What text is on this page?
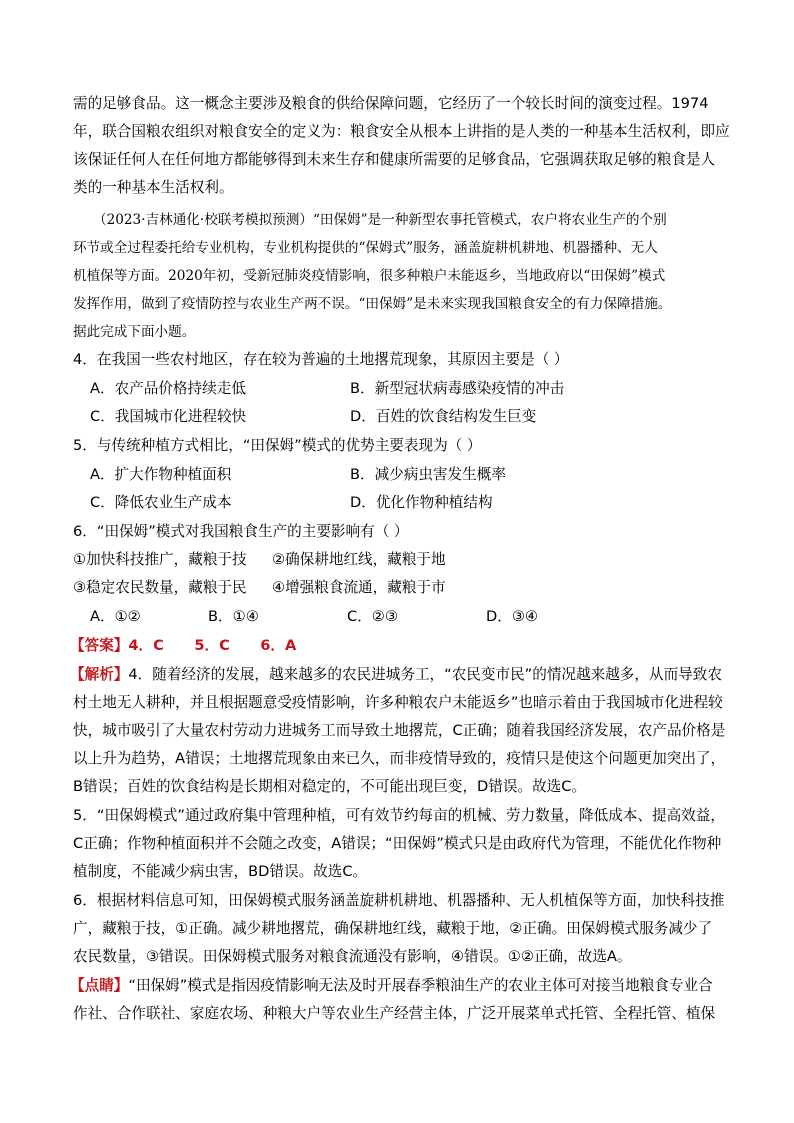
需的足够食品。这一概念主要涉及粮食的供给保障问题，它经历了一个较长时间的演变过程。1974
年，联合国粮农组织对粮食安全的定义为：粮食安全从根本上讲指的是人类的一种基本生活权利，即应
该保证任何人在任何地方都能够得到未来生存和健康所需要的足够食品，它强调获取足够的粮食是人
类的一种基本生活权利。
（2023·吉林通化·校联考模拟预测）“田保姆”是一种新型农事托管模式，农户将农业生产的个别
环节或全过程委托给专业机构，专业机构提供的“保姆式”服务，涵盖旋耕机耕地、机器播种、无人
机植保等方面。2020年初，受新冠肺炎疫情影响，很多种粮户未能返乡，当地政府以“田保姆”模式
发挥作用，做到了疫情防控与农业生产两不误。“田保姆”是未来实现我国粮食安全的有力保障措施。
据此完成下面小题。
4．在我国一些农村地区，存在较为普遍的土地撂荒现象，其原因主要是（ ）
A．农产品价格持续走低	B．新型冠状病毒感染疫情的冲击
C．我国城市化进程较快	D．百姓的饮食结构发生巨变
5．与传统种植方式相比，“田保姆”模式的优势主要表现为（ ）
A．扩大作物种植面积	B．减少病虫害发生概率
C．降低农业生产成本	D．优化作物种植结构
6．“田保姆”模式对我国粮食生产的主要影响有（ ）
①加快科技推广，藏粮于技 ②确保耕地红线，藏粮于地
③稳定农民数量，藏粮于民 ④增强粮食流通，藏粮于市
A．①②	B．①④	C．②③	D．③④
【答案】4．C      5．C      6．A
【解析】4．随着经济的发展，越来越多的农民进城务工，“农民变市民”的情况越来越多，从而导致农
村土地无人耕种，并且根据题意受疫情影响，许多种粮农户未能返乡”也暗示着由于我国城市化进程较
快，城市吸引了大量农村劳动力进城务工而导致土地撂荒，C正确；随着我国经济发展，农产品价格是
以上升为趋势，A错误；土地撂荒现象由来已久，而非疫情导致的，疫情只是使这个问题更加突出了，
B错误；百姓的饮食结构是长期相对稳定的，不可能出现巨变，D错误。故选C。
5．“田保姆模式”通过政府集中管理种植，可有效节约每亩的机械、劳力数量，降低成本、提高效益，
C正确；作物种植面积并不会随之改变，A错误；“田保姆”模式只是由政府代为管理，不能优化作物种
植制度，不能减少病虫害，BD错误。故选C。
6．根据材料信息可知，田保姆模式服务涵盖旋耕机耕地、机器播种、无人机植保等方面，加快科技推
广，藏粮于技，①正确。减少耕地撂荒，确保耕地红线，藏粮于地，②正确。田保姆模式服务减少了
农民数量，③错误。田保姆模式服务对粮食流通没有影响，④错误。①②正确，故选A。
【点睛】“田保姆”模式是指因疫情影响无法及时开展春季粮油生产的农业主体可对接当地粮食专业合
作社、合作联社、家庭农场、种粮大户等农业生产经营主体，广泛开展菜单式托管、全程托管、植保
